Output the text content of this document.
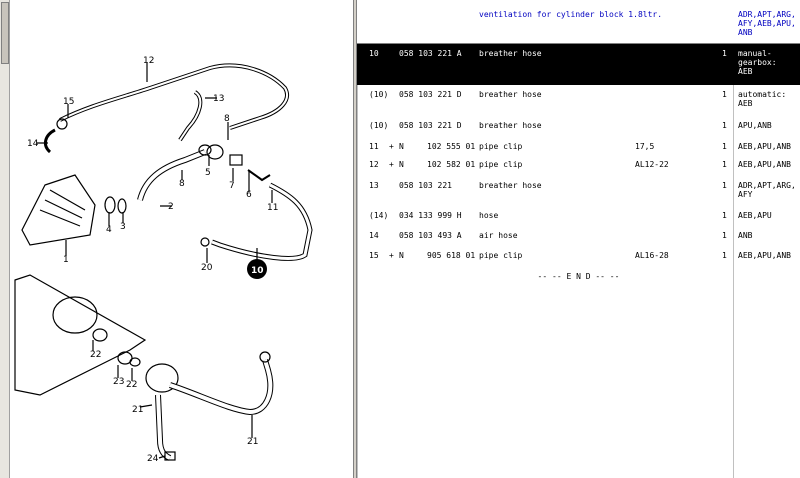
12
13
15
14
8
8
5
7
6
11
2
4 3
1
20	10
22
23 22
21
21
24
ventilation for cylinder block 1.8ltr.	ADR,APT,ARG,
AFY,AEB,APU,
ANB
10	058 103 221 A breather hose	1 manual-
gearbox:
AEB
(10) 058 103 221 D breather hose	1 automatic:
AEB
(10) 058 103 221 D breather hose	1 APU,ANB
11 + N	102 555 01 pipe clip	17,5	1 AEB,APU,ANB
12 + N	102 582 01 pipe clip	AL12-22	1 AEB,APU,ANB
13	058 103 221	breather hose	1 ADR,APT,ARG,
AFY
(14) 034 133 999 H hose	1 AEB,APU
14	058 103 493 A air hose	1 ANB
15 + N	905 618 01 pipe clip	AL16-28	1 AEB,APU,ANB
-- -- E N D -- --
